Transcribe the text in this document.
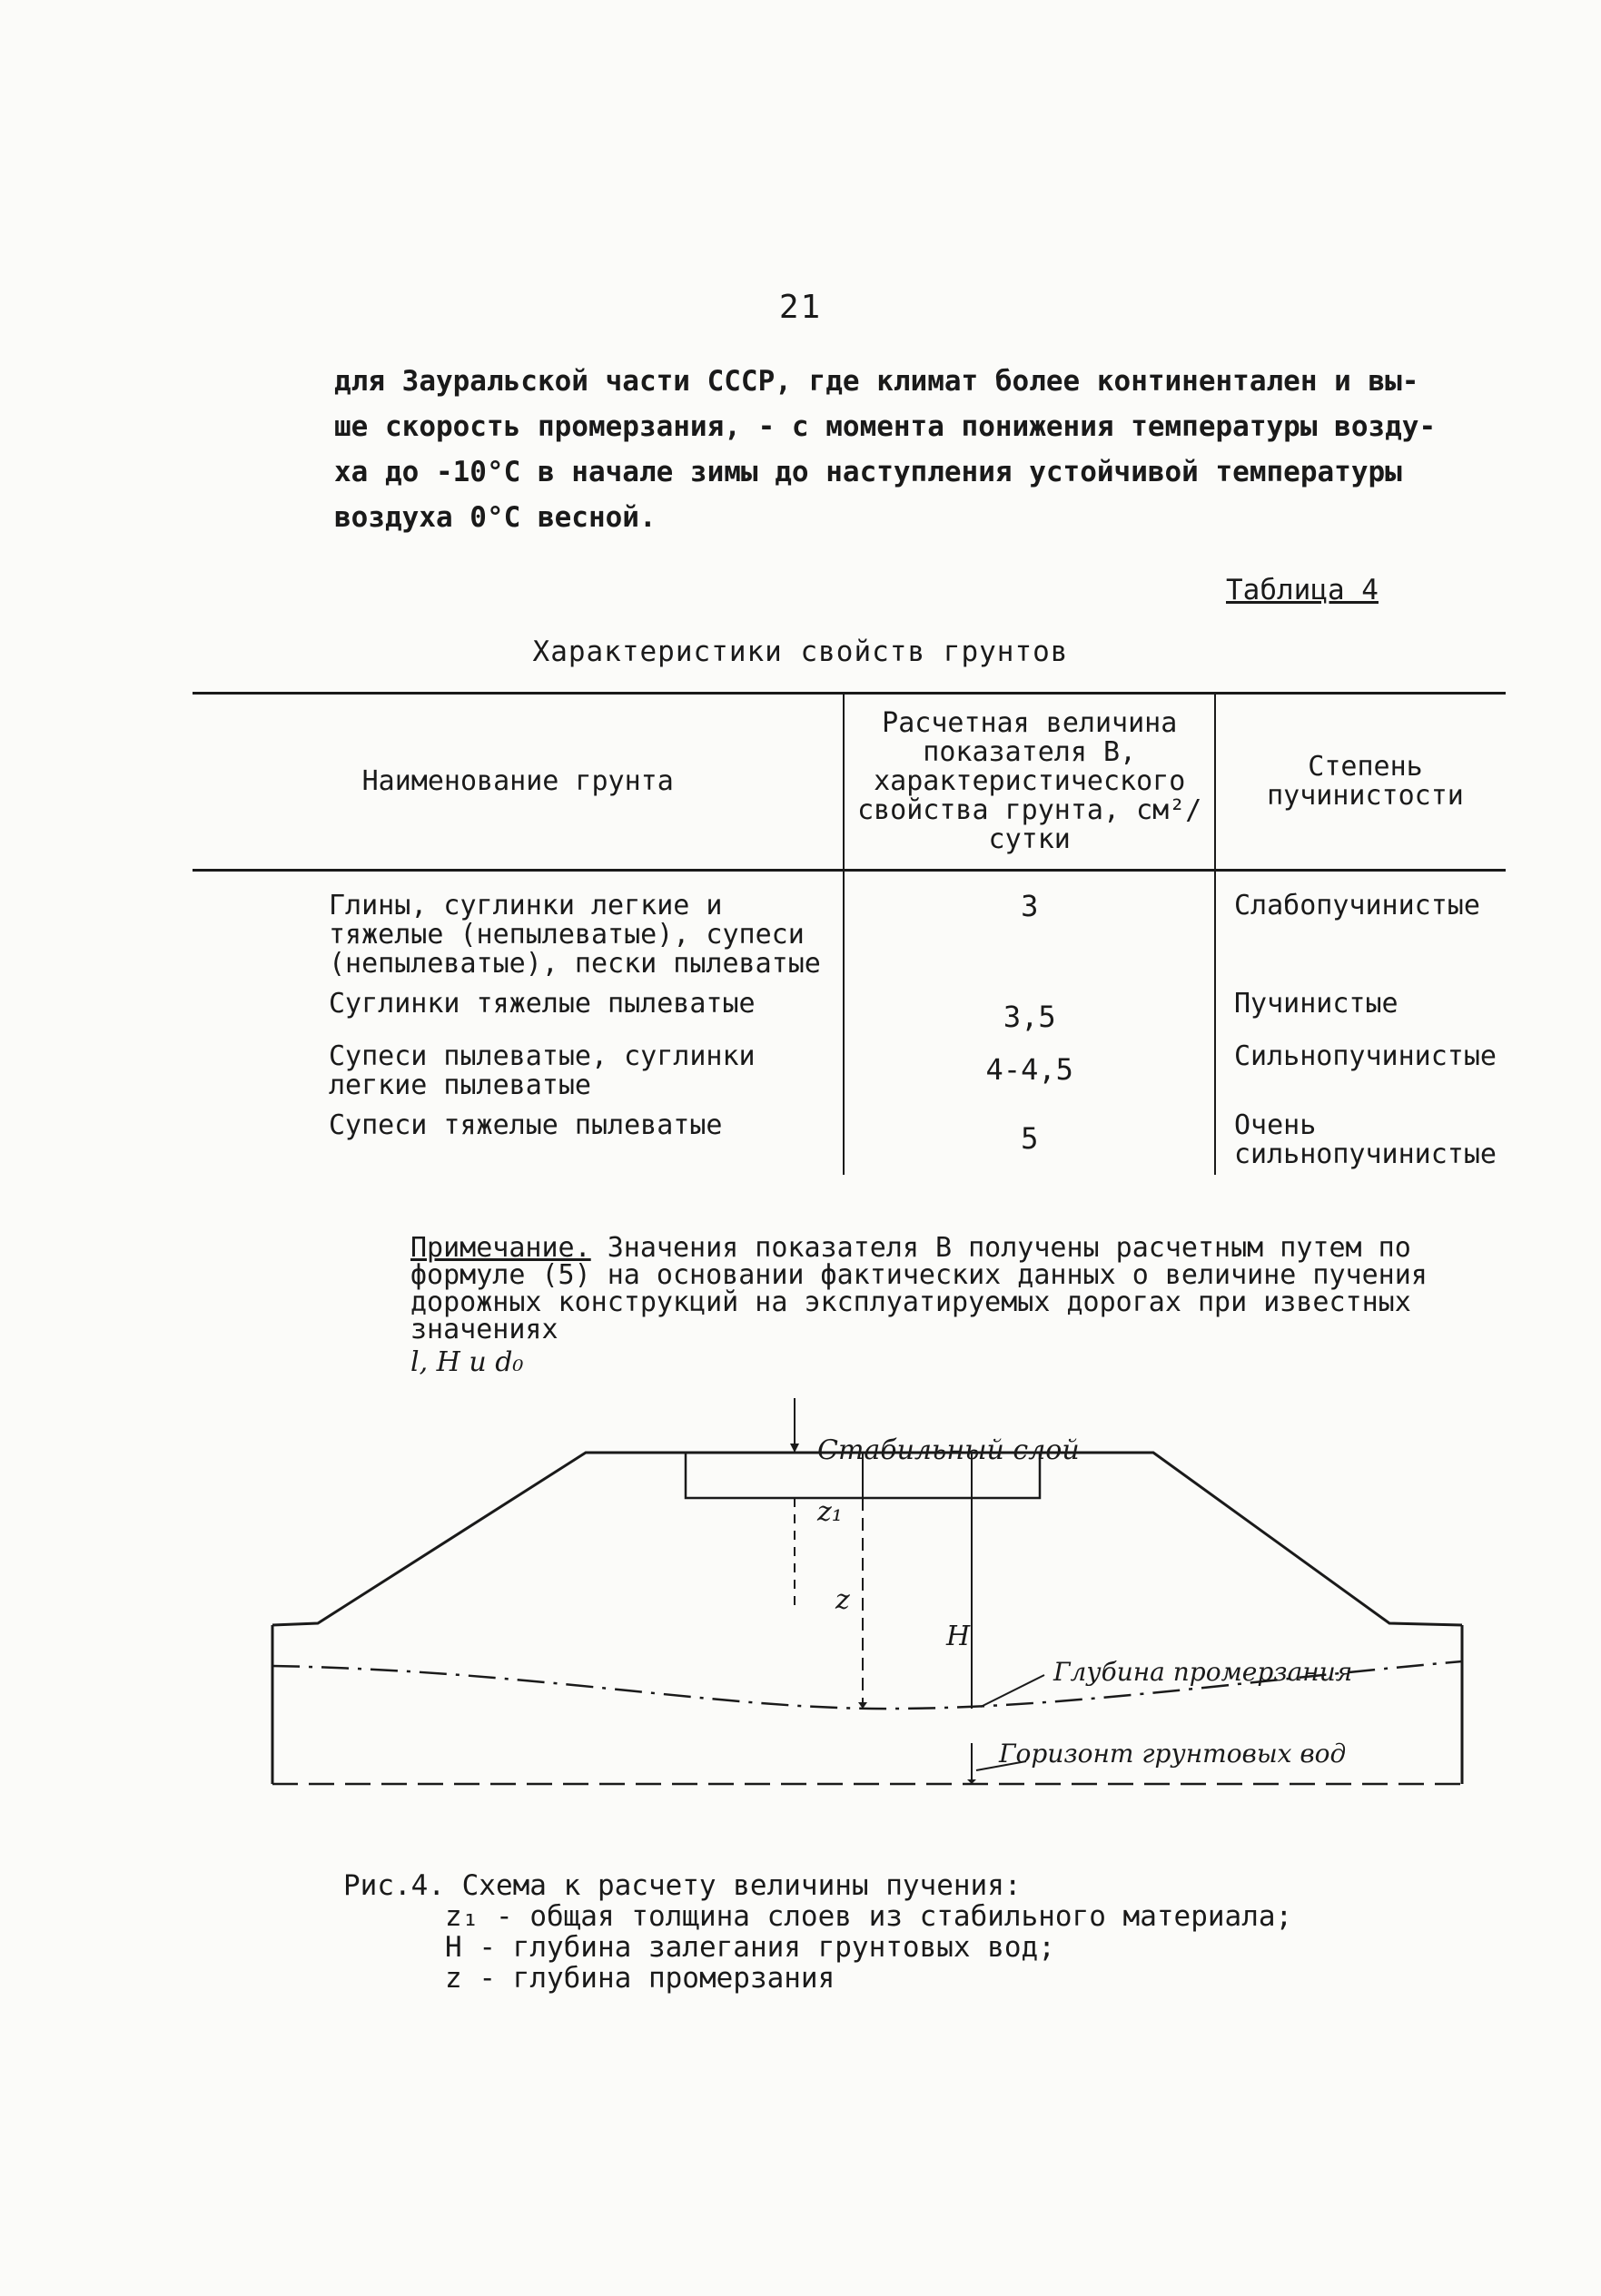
21

для Зауральской части СССР, где климат более континентален и вы-

ше скорость промерзания, - с момента понижения температуры возду-

ха до -10°С в начале зимы до наступления устойчивой температуры

воздуха 0°С весной.

Таблица 4
Характеристики свойств грунтов
Наименование грунта	Расчетная величина показателя B, характеристического свойства грунта, см²/сутки	Степень пучинистости
Глины, суглинки легкие и тяжелые (непылеватые), супеси (непылеватые), пески пылеватые	3	Слабопучинистые
Суглинки тяжелые пылеватые	3,5	Пучинистые
Супеси пылеватые, суглинки легкие пылеватые	4-4,5	Сильнопучинистые
Супеси тяжелые пылеватые	5	Очень сильнопучинистые
Примечание. Значения показателя B получены расчетным путем по формуле (5) на основании фактических данных о величине пучения дорожных конструкций на эксплуатируемых дорогах при известных значениях
l, H и d₀
Стабильный слой
z₁
z
H
Глубина промерзания
Горизонт грунтовых вод

Рис.4. Схема к расчету величины пучения:

z₁ - общая толщина слоев из стабильного материала;

H - глубина залегания грунтовых вод;

z - глубина промерзания
